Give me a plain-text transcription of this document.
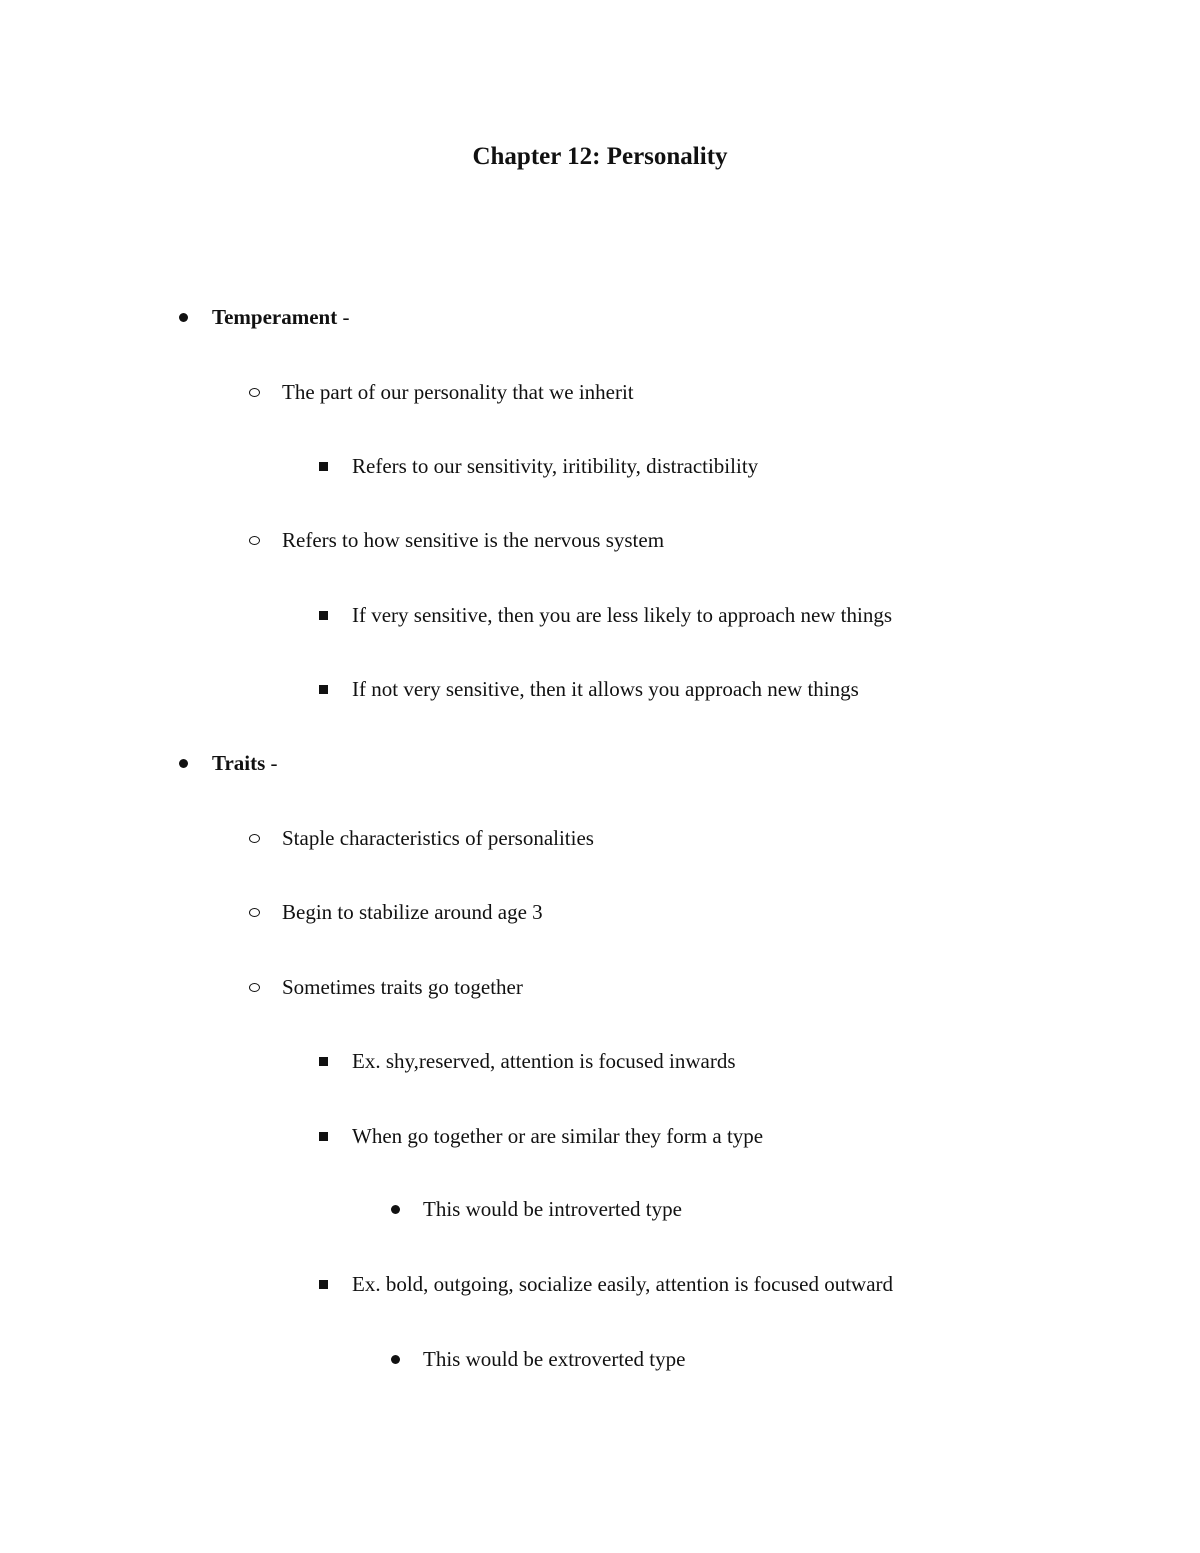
Chapter 12: Personality
Temperament -
The part of our personality that we inherit
Refers to our sensitivity, iritibility, distractibility
Refers to how sensitive is the nervous system
If very sensitive, then you are less likely to approach new things
If not very sensitive, then it allows you approach new things
Traits -
Staple characteristics of personalities
Begin to stabilize around age 3
Sometimes traits go together
Ex. shy,reserved, attention is focused inwards
When go together or are similar they form a type
This would be introverted type
Ex. bold, outgoing, socialize easily, attention is focused outward
This would be extroverted type
